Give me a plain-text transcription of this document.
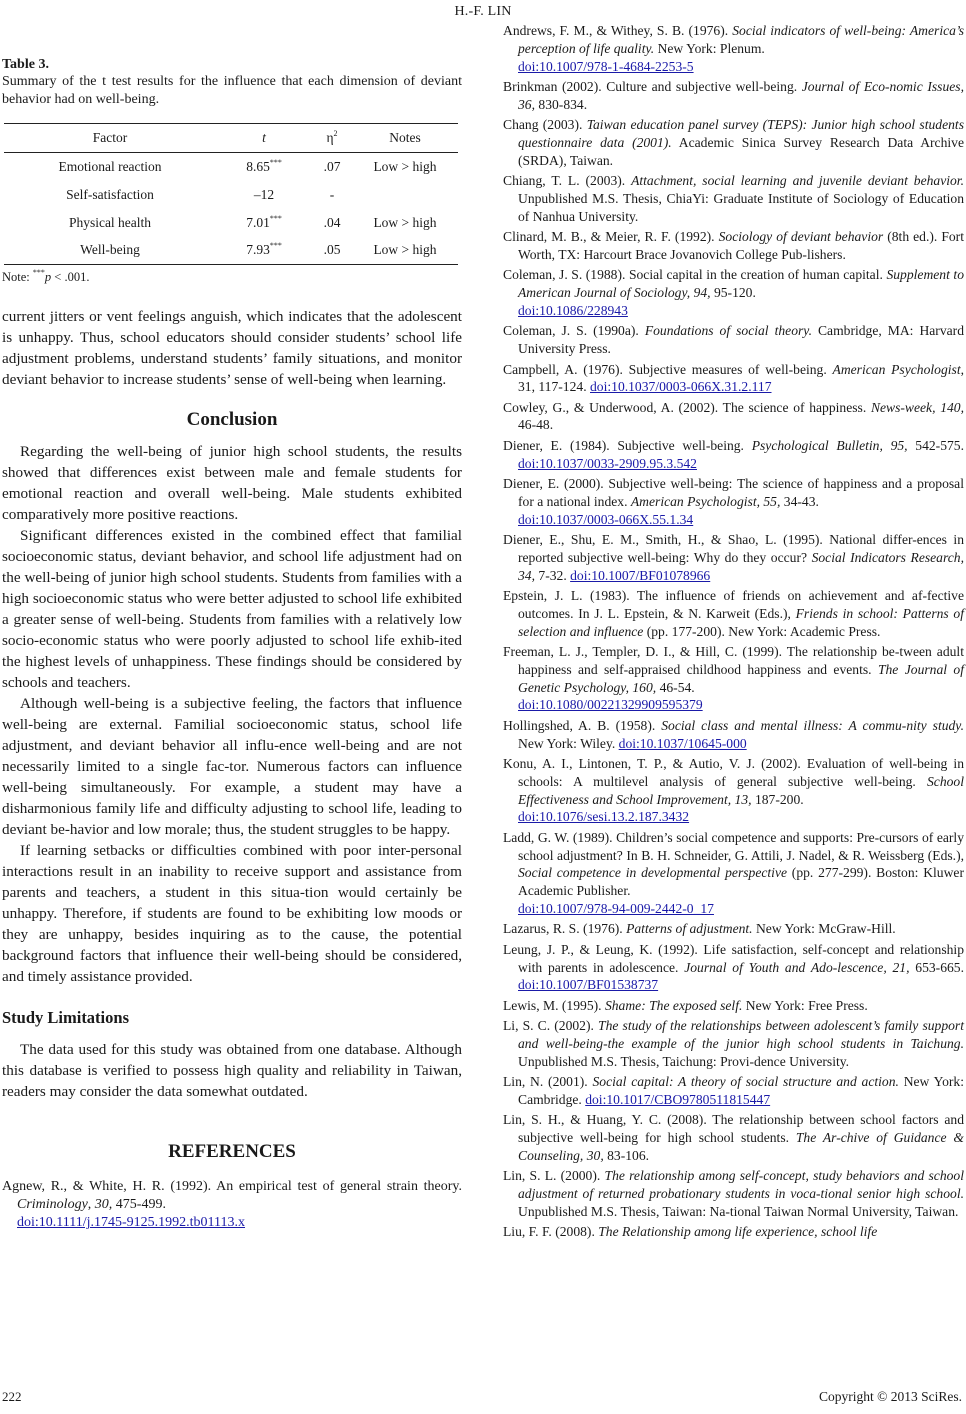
H.-F. LIN
Table 3.
Summary of the t test results for the influence that each dimension of deviant behavior had on well-being.
Factor	t	$\eta^2$	Notes
Emotional reaction	8.65***	.07	Low > high
Self-satisfaction	–12	-	
Physical health	7.01***	.04	Low > high
Well-being	7.93***	.05	Low > high
Note: ***p < .001.

current jitters or vent feelings anguish, which indicates that the adolescent is unhappy. Thus, school educators should consider students’ school life adjustment problems, understand students’ family situations, and monitor deviant behavior to increase students’ sense of well-being when learning.

Conclusion

Regarding the well-being of junior high school students, the results showed that differences exist between male and female students for emotional reaction and overall well-being. Male students exhibited comparatively more positive reactions.

Significant differences existed in the combined effect that familial socioeconomic status, deviant behavior, and school life adjustment had on the well-being of junior high school students. Students from families with a high socioeconomic status who were better adjusted to school life exhibited a greater sense of well-being. Students from families with a relatively low socio-economic status who were poorly adjusted to school life exhib-ited the highest levels of unhappiness. These findings should be considered by schools and teachers.

Although well-being is a subjective feeling, the factors that influence well-being are external. Familial socioeconomic status, school life adjustment, and deviant behavior all influ-ence well-being and are not necessarily limited to a single fac-tor. Numerous factors can influence well-being simultaneously. For example, a student may have a disharmonious family life and difficulty adjusting to school life, leading to deviant be-havior and low morale; thus, the student struggles to be happy.

If learning setbacks or difficulties combined with poor inter-personal interactions result in an inability to receive support and assistance from parents and teachers, a student in this situa-tion would certainly be unhappy. Therefore, if students are found to be exhibiting low moods or they are unhappy, besides inquiring as to the cause, the potential background factors that influence their well-being should be considered, and timely assistance provided.

Study Limitations

The data used for this study was obtained from one database. Although this database is verified to possess high quality and reliability in Taiwan, readers may consider the data somewhat outdated.

REFERENCES
Agnew, R., & White, H. R. (1992). An empirical test of general strain theory. Criminology, 30, 475-499.
doi:10.1111/j.1745-9125.1992.tb01113.x
Andrews, F. M., & Withey, S. B. (1976). Social indicators of well-being: America’s perception of life quality. New York: Plenum.
doi:10.1007/978-1-4684-2253-5
Brinkman (2002). Culture and subjective well-being. Journal of Eco-nomic Issues, 36, 830-834.
Chang (2003). Taiwan education panel survey (TEPS): Junior high school students questionnaire data (2001). Academic Sinica Survey Research Data Archive (SRDA), Taiwan.
Chiang, T. L. (2003). Attachment, social learning and juvenile deviant behavior. Unpublished M.S. Thesis, ChiaYi: Graduate Institute of Sociology of Education of Nanhua University.
Clinard, M. B., & Meier, R. F. (1992). Sociology of deviant behavior (8th ed.). Fort Worth, TX: Harcourt Brace Jovanovich College Pub-lishers.
Coleman, J. S. (1988). Social capital in the creation of human capital. Supplement to American Journal of Sociology, 94, 95-120.
doi:10.1086/228943
Coleman, J. S. (1990a). Foundations of social theory. Cambridge, MA: Harvard University Press.
Campbell, A. (1976). Subjective measures of well-being. American Psychologist, 31, 117-124. doi:10.1037/0003-066X.31.2.117
Cowley, G., & Underwood, A. (2002). The science of happiness. News-week, 140, 46-48.
Diener, E. (1984). Subjective well-being. Psychological Bulletin, 95, 542-575. doi:10.1037/0033-2909.95.3.542
Diener, E. (2000). Subjective well-being: The science of happiness and a proposal for a national index. American Psychologist, 55, 34-43.
doi:10.1037/0003-066X.55.1.34
Diener, E., Shu, E. M., Smith, H., & Shao, L. (1995). National differ-ences in reported subjective well-being: Why do they occur? Social Indicators Research, 34, 7-32. doi:10.1007/BF01078966
Epstein, J. L. (1983). The influence of friends on achievement and af-fective outcomes. In J. L. Epstein, & N. Karweit (Eds.), Friends in school: Patterns of selection and influence (pp. 177-200). New York: Academic Press.
Freeman, L. J., Templer, D. I., & Hill, C. (1999). The relationship be-tween adult happiness and self-appraised childhood happiness and events. The Journal of Genetic Psychology, 160, 46-54.
doi:10.1080/00221329909595379
Hollingshed, A. B. (1958). Social class and mental illness: A commu-nity study. New York: Wiley. doi:10.1037/10645-000
Konu, A. I., Lintonen, T. P., & Autio, V. J. (2002). Evaluation of well-being in schools: A multilevel analysis of general subjective well-being. School Effectiveness and School Improvement, 13, 187-200.
doi:10.1076/sesi.13.2.187.3432
Ladd, G. W. (1989). Children’s social competence and supports: Pre-cursors of early school adjustment? In B. H. Schneider, G. Attili, J. Nadel, & R. Weissberg (Eds.), Social competence in developmental perspective (pp. 277-299). Boston: Kluwer Academic Publisher.
doi:10.1007/978-94-009-2442-0_17
Lazarus, R. S. (1976). Patterns of adjustment. New York: McGraw-Hill.
Leung, J. P., & Leung, K. (1992). Life satisfaction, self-concept and relationship with parents in adolescence. Journal of Youth and Ado-lescence, 21, 653-665. doi:10.1007/BF01538737
Lewis, M. (1995). Shame: The exposed self. New York: Free Press.
Li, S. C. (2002). The study of the relationships between adolescent’s family support and well-being-the example of the junior high school students in Taichung. Unpublished M.S. Thesis, Taichung: Provi-dence University.
Lin, N. (2001). Social capital: A theory of social structure and action. New York: Cambridge. doi:10.1017/CBO9780511815447
Lin, S. H., & Huang, Y. C. (2008). The relationship between school factors and subjective well-being for high school students. The Ar-chive of Guidance & Counseling, 30, 83-106.
Lin, S. L. (2000). The relationship among self-concept, study behaviors and school adjustment of returned probationary students in voca-tional senior high school. Unpublished M.S. Thesis, Taiwan: Na-tional Taiwan Normal University, Taiwan.
Liu, F. F. (2008). The Relationship among life experience, school life
222	Copyright © 2013 SciRes.
